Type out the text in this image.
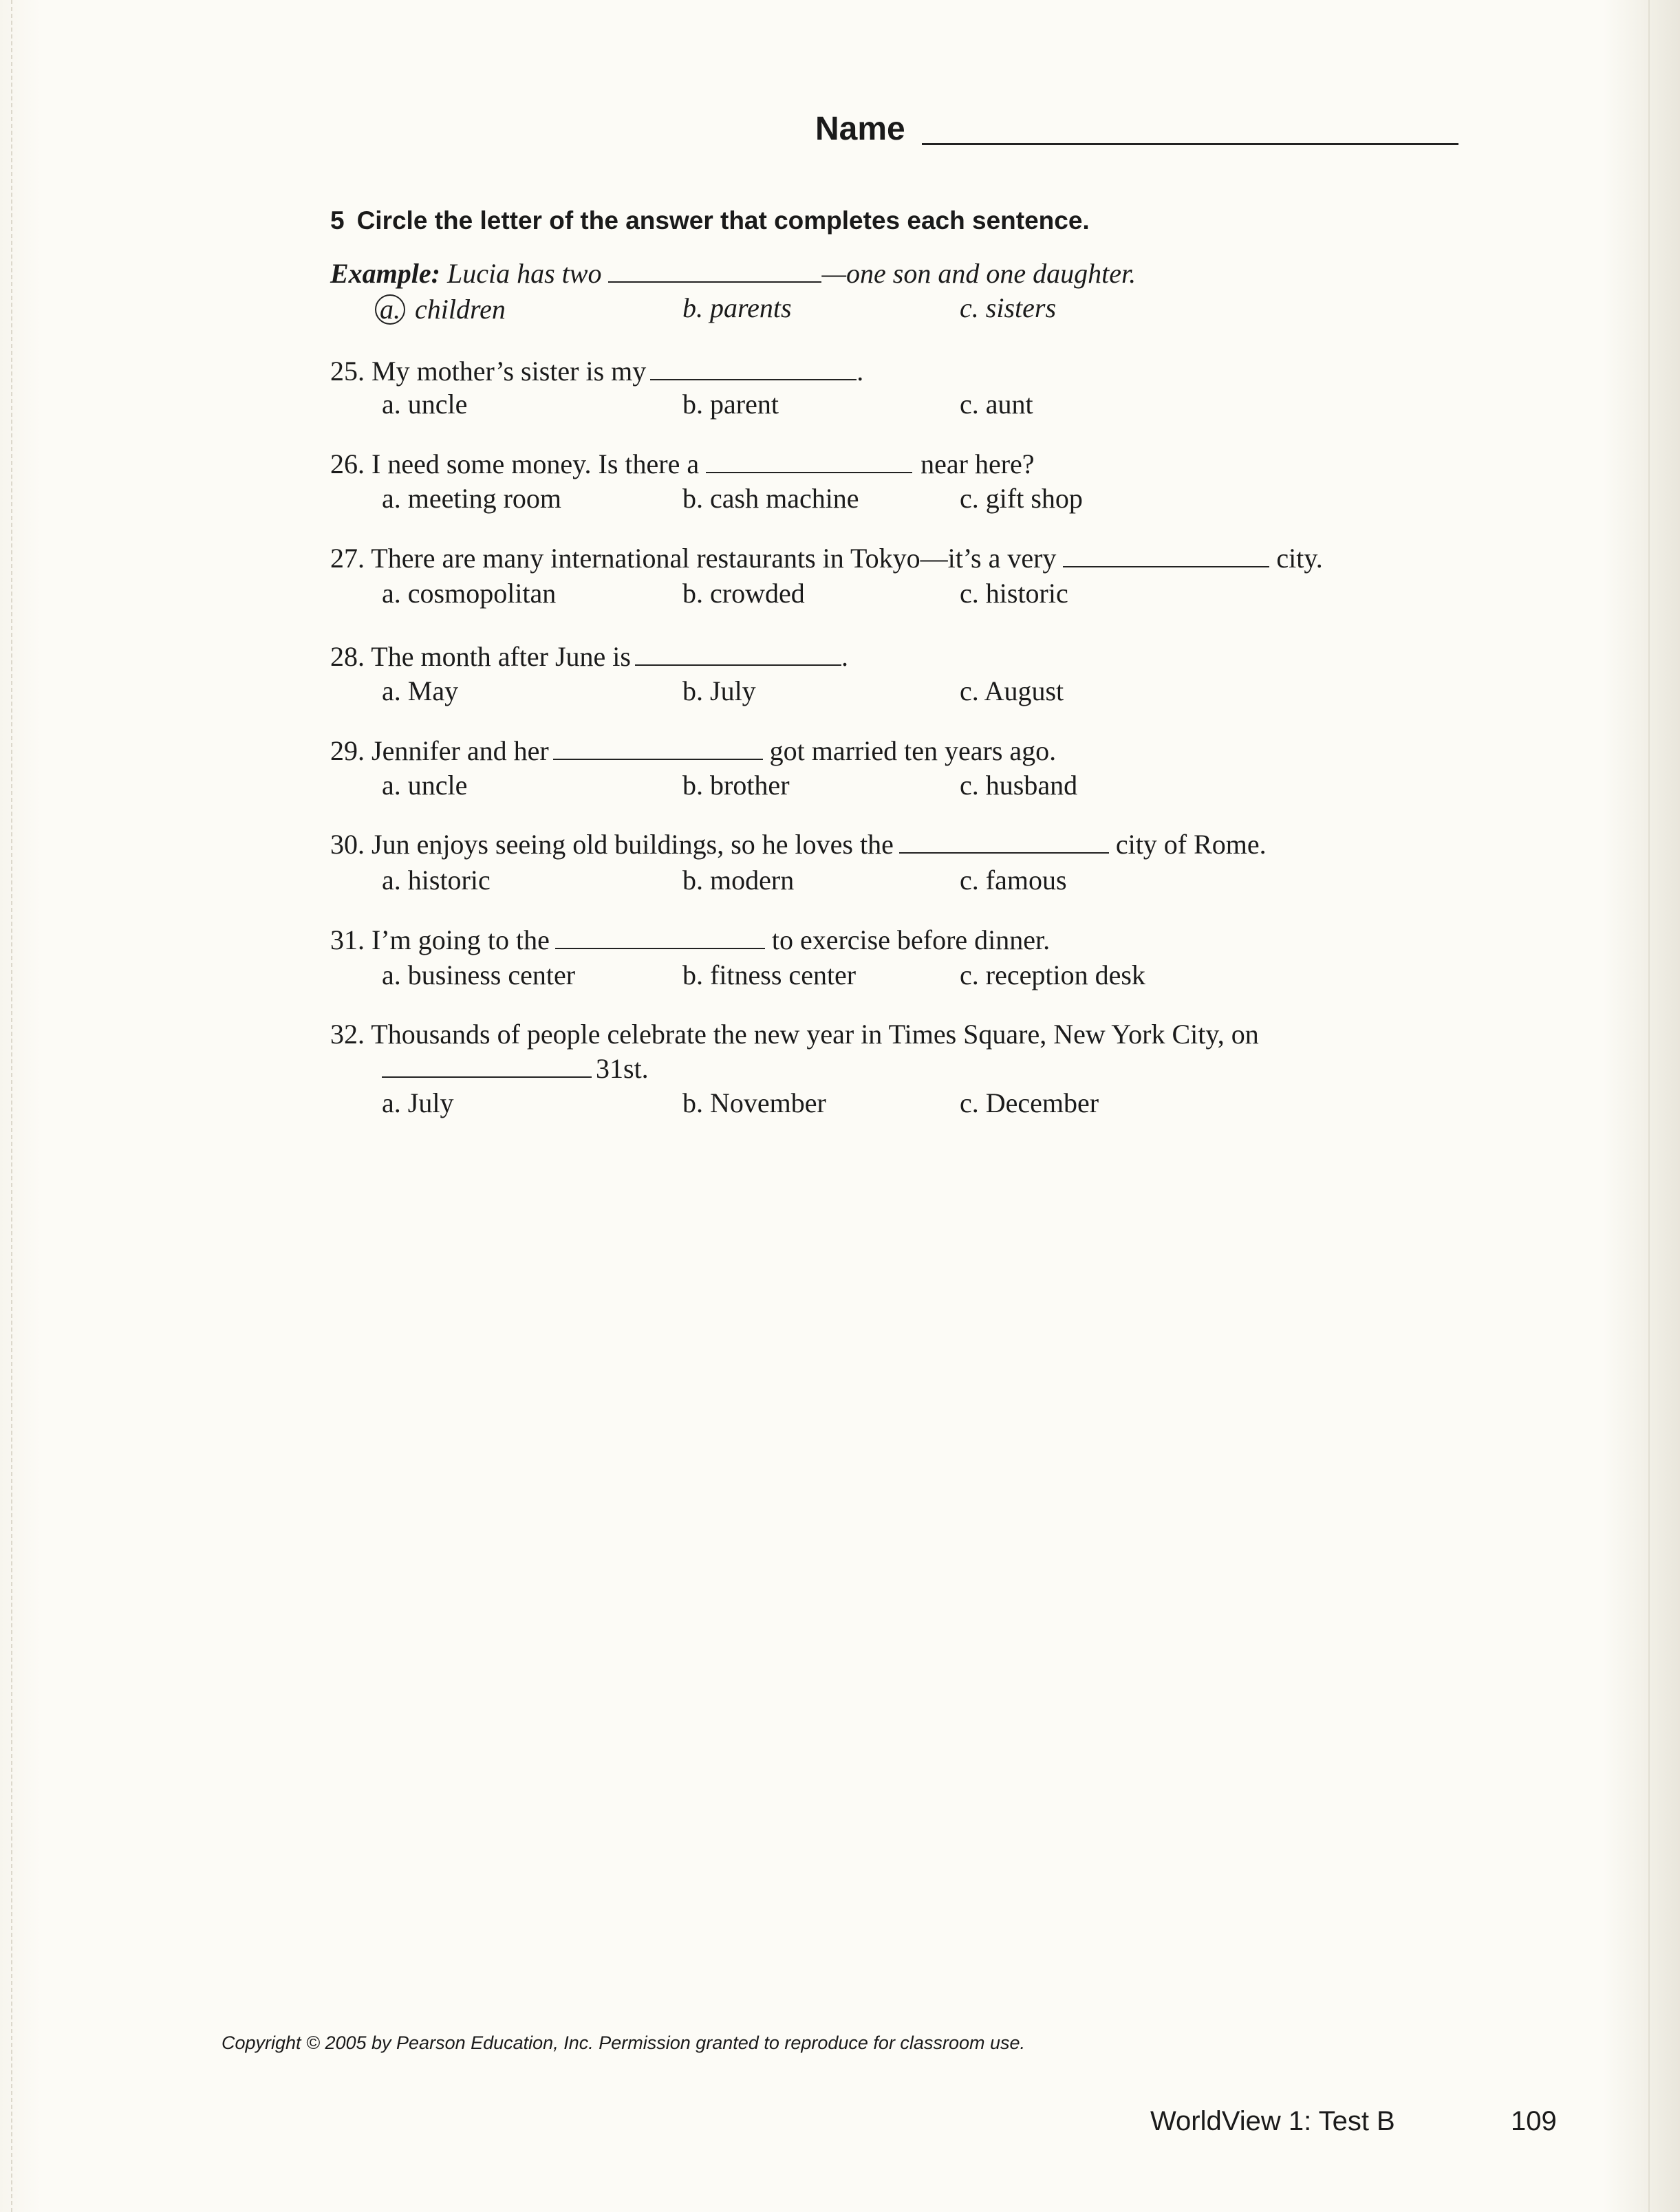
Name
5 Circle the letter of the answer that completes each sentence.
Example: Lucia has two	—one son and one daughter.
a. children	b. parents	c. sisters
25. My mother’s sister is my	.
a. uncle	b. parent	c. aunt
26. I need some money. Is there a	near here?
a. meeting room	b. cash machine	c. gift shop
27. There are many international restaurants in Tokyo—it’s a very	city.
a. cosmopolitan	b. crowded	c. historic
28. The month after June is	.
a. May	b. July	c. August
29. Jennifer and her	got married ten years ago.
a. uncle	b. brother	c. husband
30. Jun enjoys seeing old buildings, so he loves the	city of Rome.
a. historic	b. modern	c. famous
31. I’m going to the	to exercise before dinner.
a. business center	b. fitness center	c. reception desk
32. Thousands of people celebrate the new year in Times Square, New York City, on
31st.
a. July	b. November	c. December
Copyright © 2005 by Pearson Education, Inc. Permission granted to reproduce for classroom use.
WorldView 1: Test B	109
